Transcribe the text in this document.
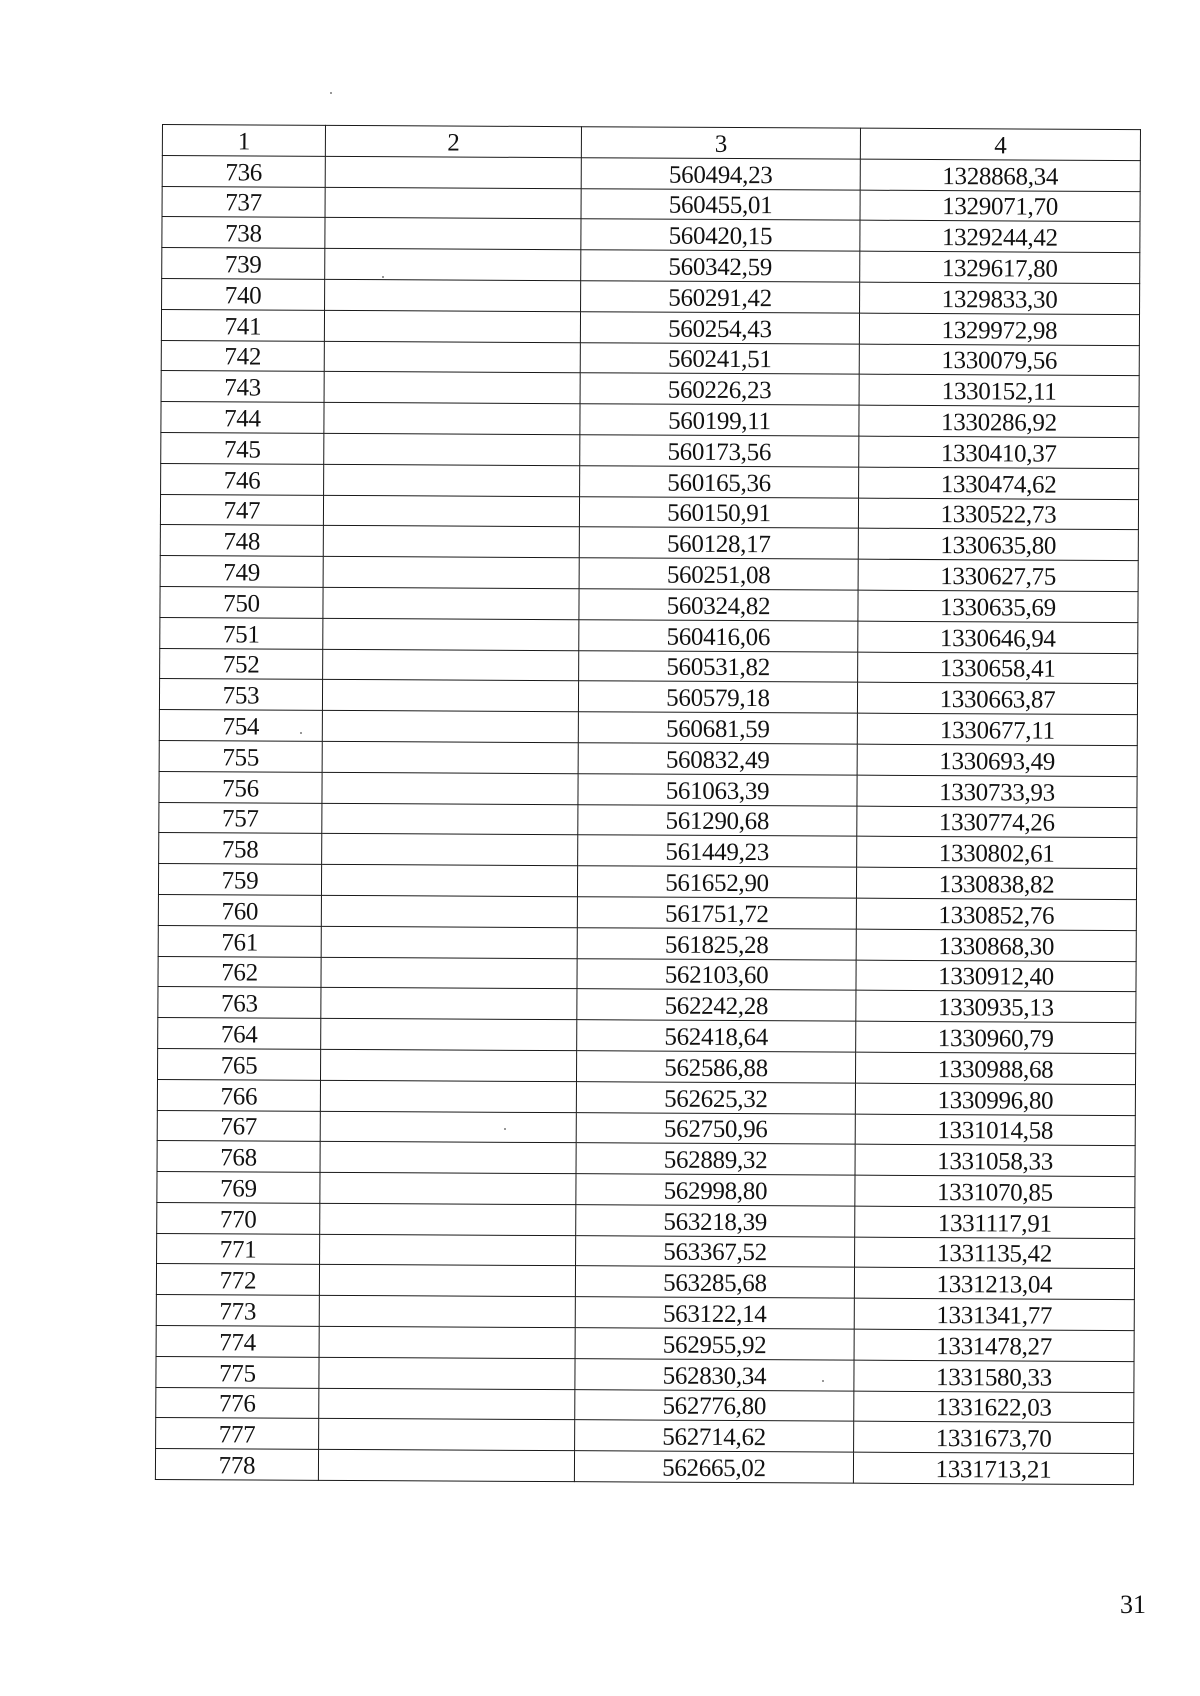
1	2	3	4
736		560494,23	1328868,34
737		560455,01	1329071,70
738		560420,15	1329244,42
739		560342,59	1329617,80
740		560291,42	1329833,30
741		560254,43	1329972,98
742		560241,51	1330079,56
743		560226,23	1330152,11
744		560199,11	1330286,92
745		560173,56	1330410,37
746		560165,36	1330474,62
747		560150,91	1330522,73
748		560128,17	1330635,80
749		560251,08	1330627,75
750		560324,82	1330635,69
751		560416,06	1330646,94
752		560531,82	1330658,41
753		560579,18	1330663,87
754		560681,59	1330677,11
755		560832,49	1330693,49
756		561063,39	1330733,93
757		561290,68	1330774,26
758		561449,23	1330802,61
759		561652,90	1330838,82
760		561751,72	1330852,76
761		561825,28	1330868,30
762		562103,60	1330912,40
763		562242,28	1330935,13
764		562418,64	1330960,79
765		562586,88	1330988,68
766		562625,32	1330996,80
767		562750,96	1331014,58
768		562889,32	1331058,33
769		562998,80	1331070,85
770		563218,39	1331117,91
771		563367,52	1331135,42
772		563285,68	1331213,04
773		563122,14	1331341,77
774		562955,92	1331478,27
775		562830,34	1331580,33
776		562776,80	1331622,03
777		562714,62	1331673,70
778		562665,02	1331713,21
31
